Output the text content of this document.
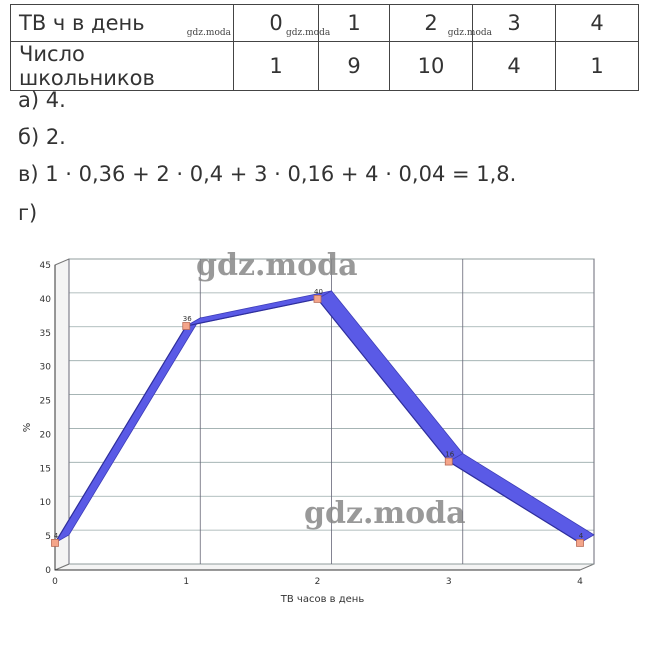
ТВ ч в день gdz.moda	0 gdz.moda	1	2 gdz.moda	3	4
Число школьников	1	9	10	4	1
а) 4.
б) 2.
в) 1 · 0,36 + 2 · 0,4 + 3 · 0,16 + 4 · 0,04 = 1,8.
г)
0
5
10
15
20
25
30
35
40
45
0	1	2	3	4
ТВ часов в день
%
4
36
40
16
4
gdz.moda
gdz.moda
